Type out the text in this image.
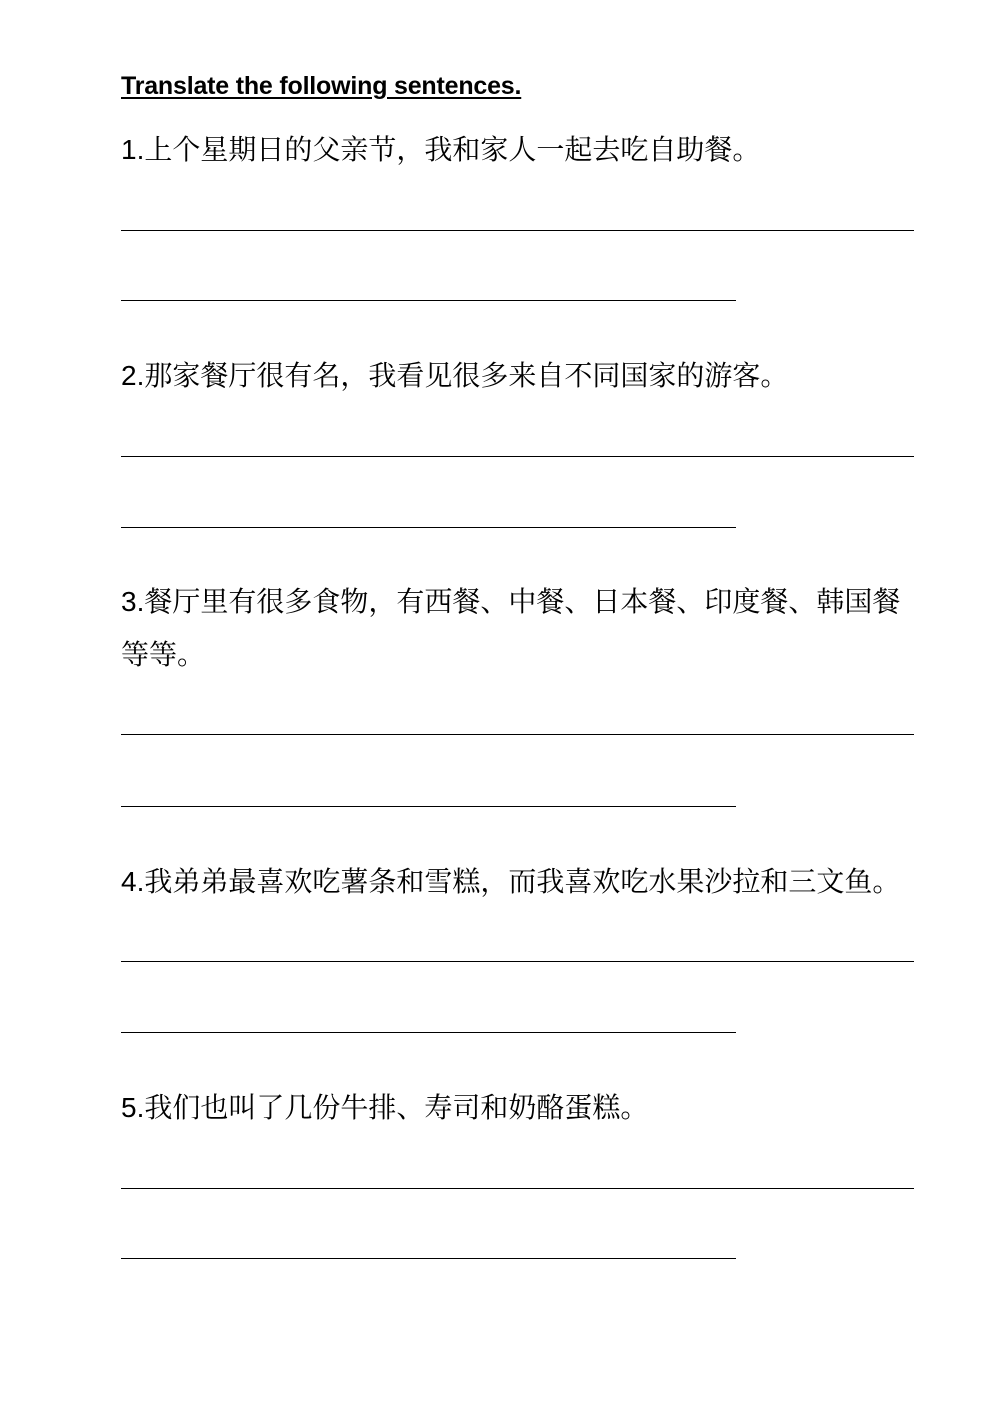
Translate the following sentences.
1.上个星期日的父亲节，我和家人一起去吃自助餐。
2.那家餐厅很有名，我看见很多来自不同国家的游客。
3.餐厅里有很多食物，有西餐、中餐、日本餐、印度餐、韩国餐等等。
4.我弟弟最喜欢吃薯条和雪糕，而我喜欢吃水果沙拉和三文鱼。
5.我们也叫了几份牛排、寿司和奶酪蛋糕。
